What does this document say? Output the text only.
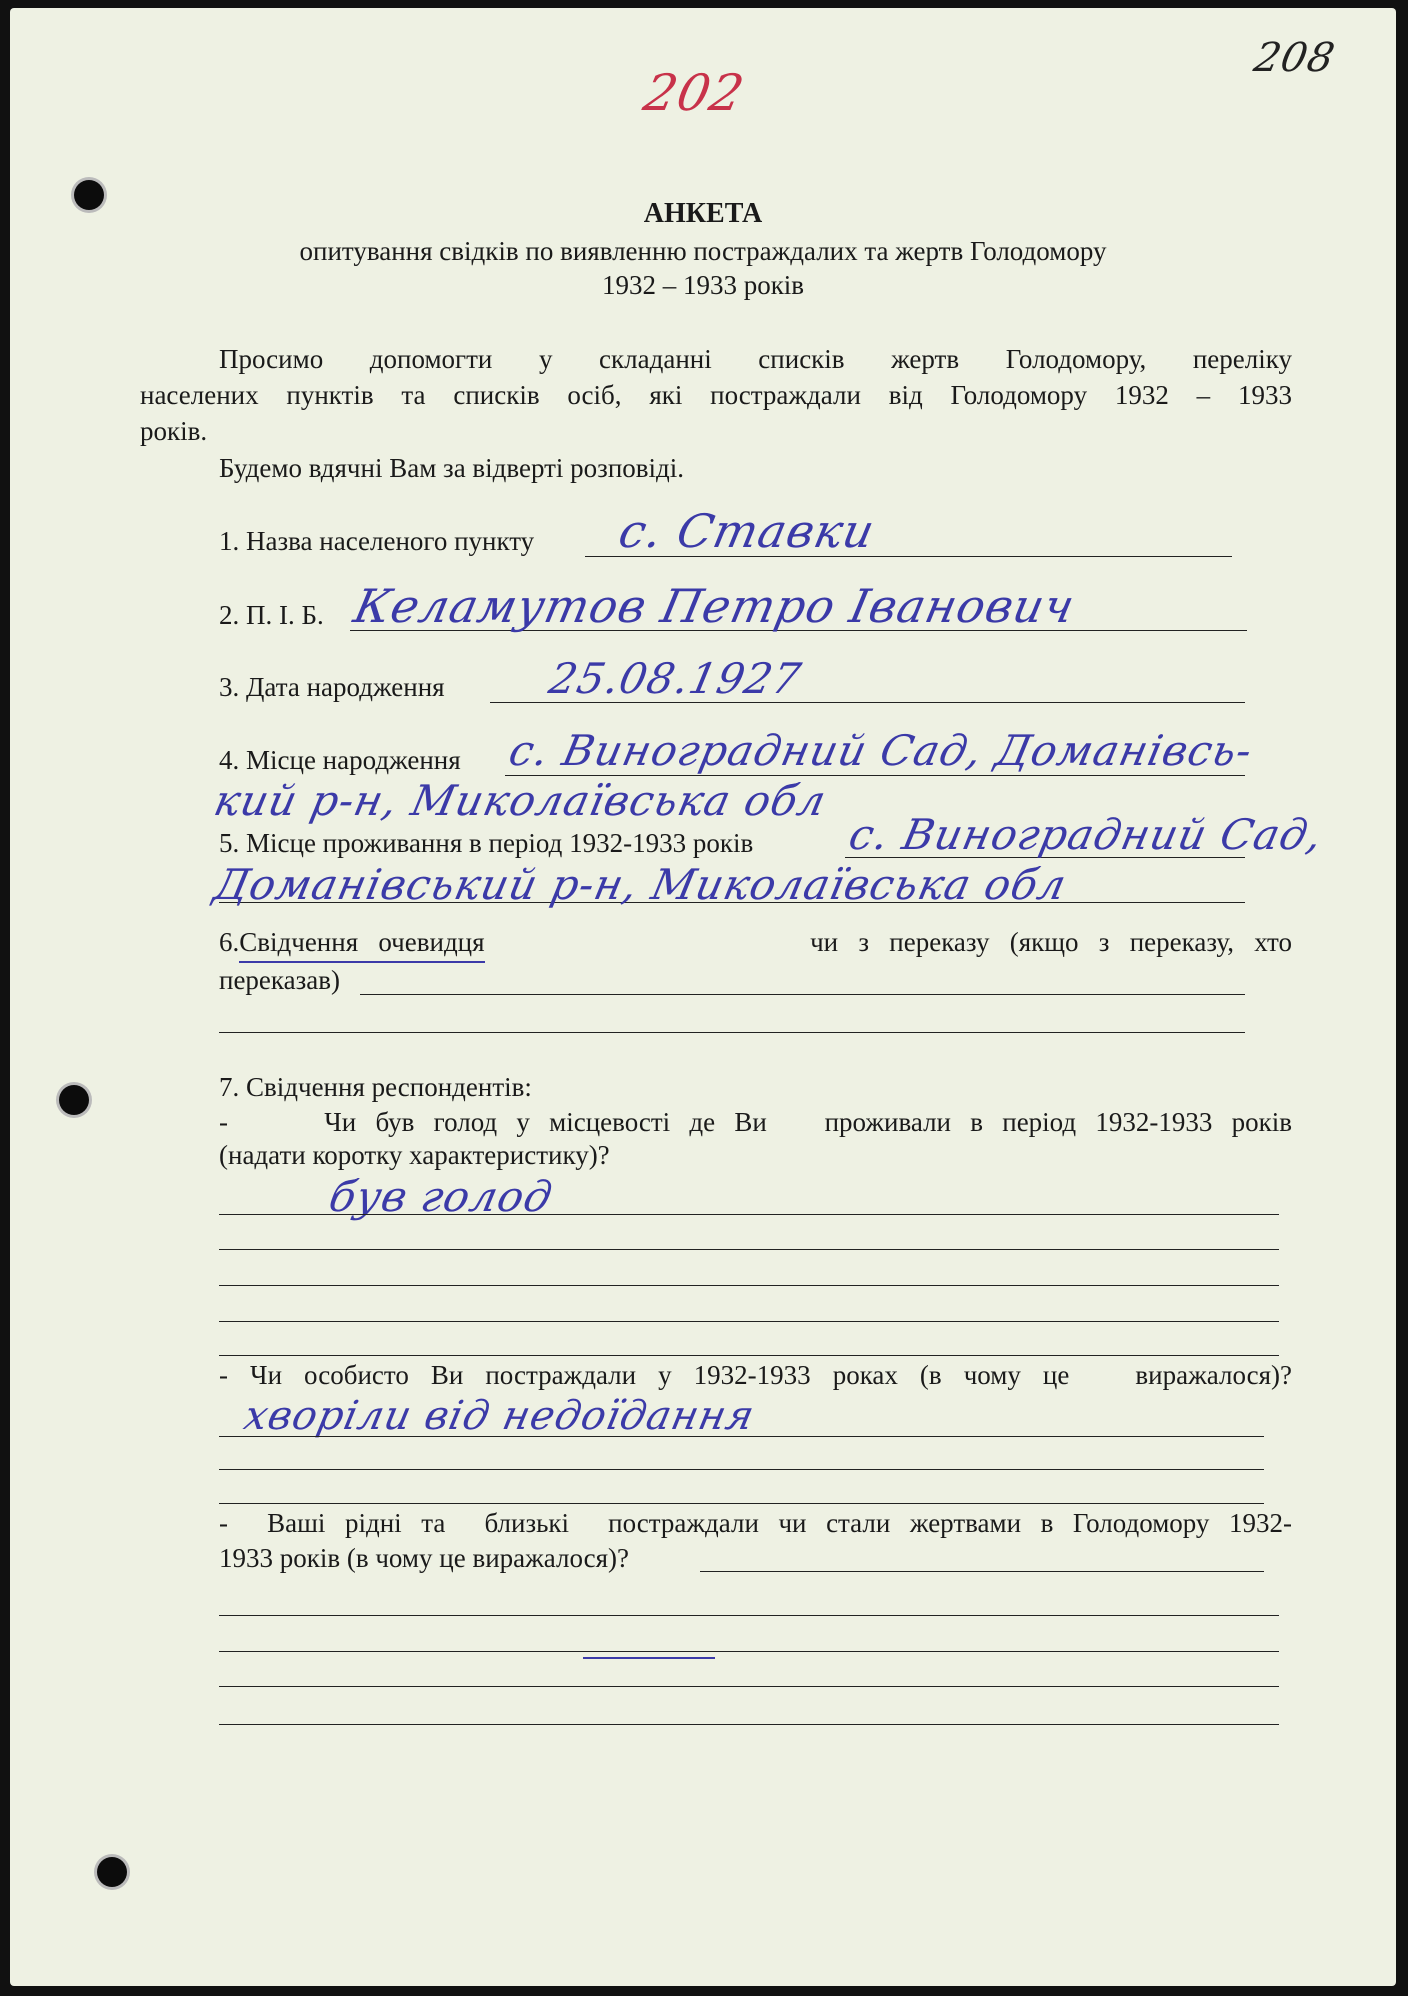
202
208
АНКЕТА
опитування свідків по виявленню постраждалих та жертв Голодомору
1932 – 1933 років
Просимо допомогти у складанні списків жертв Голодомору, переліку
населених пунктів та списків осіб, які постраждали від Голодомору 1932 – 1933
років.
Будемо вдячні Вам за відверті розповіді.
1. Назва населеного пункту с. Ставки
2. П. І. Б. Келамутов Петро Іванович
3. Дата народження 25.08.1927
4. Місце народження с. Виноградний Сад, Доманівсь-
кий р-н, Миколаївська обл
5. Місце проживання в період 1932-1933 років с. Виноградний Сад,
Доманівський р-н, Миколаївська обл
6.Свідчення   очевидця	чи   з   переказу   (якщо   з   переказу,   хто
переказав)
7. Свідчення респондентів:
-     Чи був голод у місцевості де Ви   проживали в період 1932-1933 років
(надати коротку характеристику)?
був голод
- Чи особисто Ви постраждали у 1932-1933 роках (в чому це   виражалося)?
хворіли від недоїдання
-  Ваші рідні та  близькі  постраждали чи стали жертвами в Голодомору 1932-
1933 років (в чому це виражалося)?
